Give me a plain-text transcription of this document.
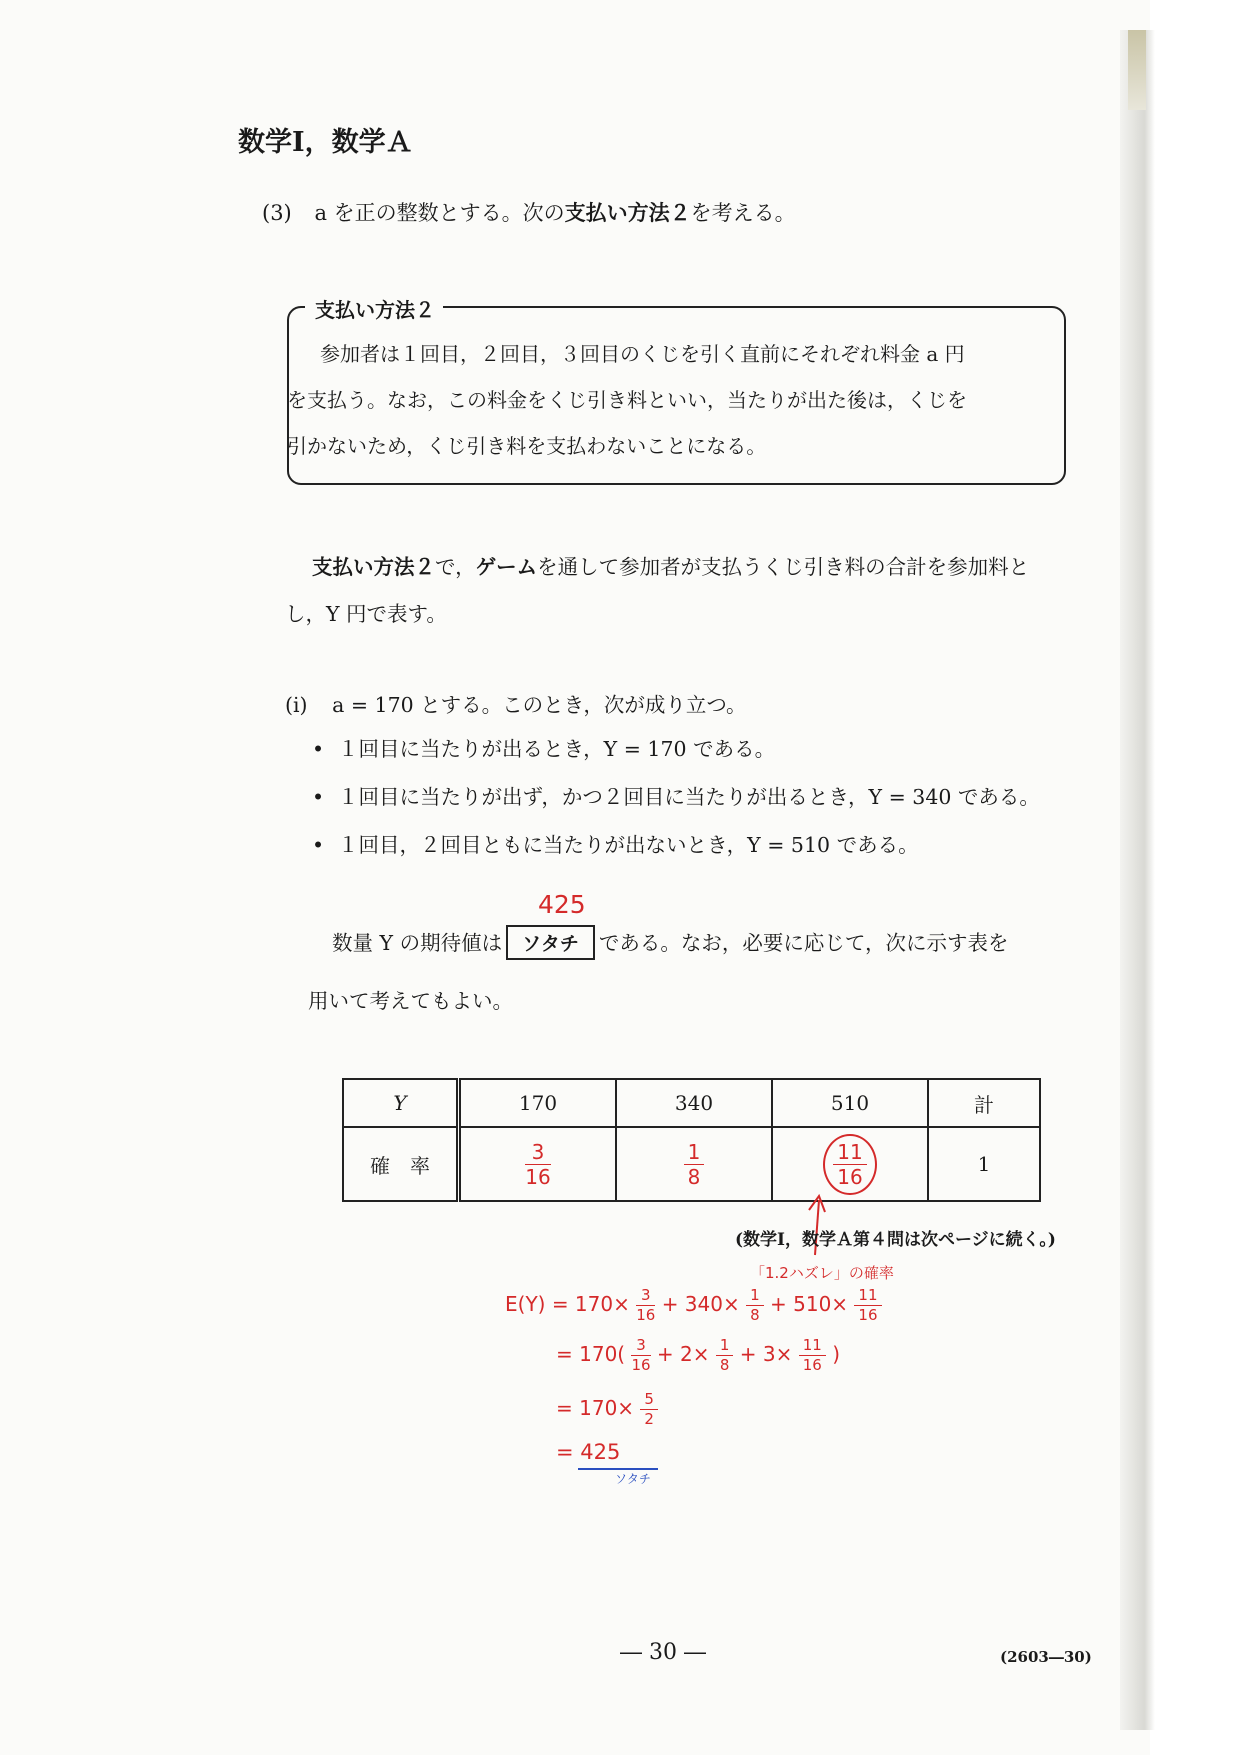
数学Ⅰ，数学Ａ
(3) a を正の整数とする。次の支払い方法２を考える。
支払い方法２
参加者は１回目，２回目，３回目のくじを引く直前にそれぞれ料金 a 円
を支払う。なお，この料金をくじ引き料といい，当たりが出た後は，くじを
引かないため，くじ引き料を支払わないことになる。
支払い方法２で，ゲームを通して参加者が支払うくじ引き料の合計を参加料と
し，Y 円で表す。
(i) a = 170 とする。このとき，次が成り立つ。
• １回目に当たりが出るとき，Y = 170 である。
• １回目に当たりが出ず，かつ２回目に当たりが出るとき，Y = 340 である。
• １回目，２回目ともに当たりが出ないとき，Y = 510 である。
425
数量 Y の期待値は ソタチ である。なお，必要に応じて，次に示す表を
用いて考えてもよい。
Y	170	340	510	計
確　率	$\frac{3}{16}$	$\frac{1}{8}$	$\frac{11}{16}$	1
(数学Ⅰ，数学Ａ第４問は次ページに続く。)
「1.2ハズレ」の確率
$E(Y) = 170\times \frac{3}{16} + 340\times \frac{1}{8} + 510\times \frac{11}{16}$
= $170( \frac{3}{16} + 2\times \frac{1}{8} + 3\times \frac{11}{16}$ )
= $170\times \frac{5}{2}$
= 425
ソタチ
― 30 ―	(2603―30)
